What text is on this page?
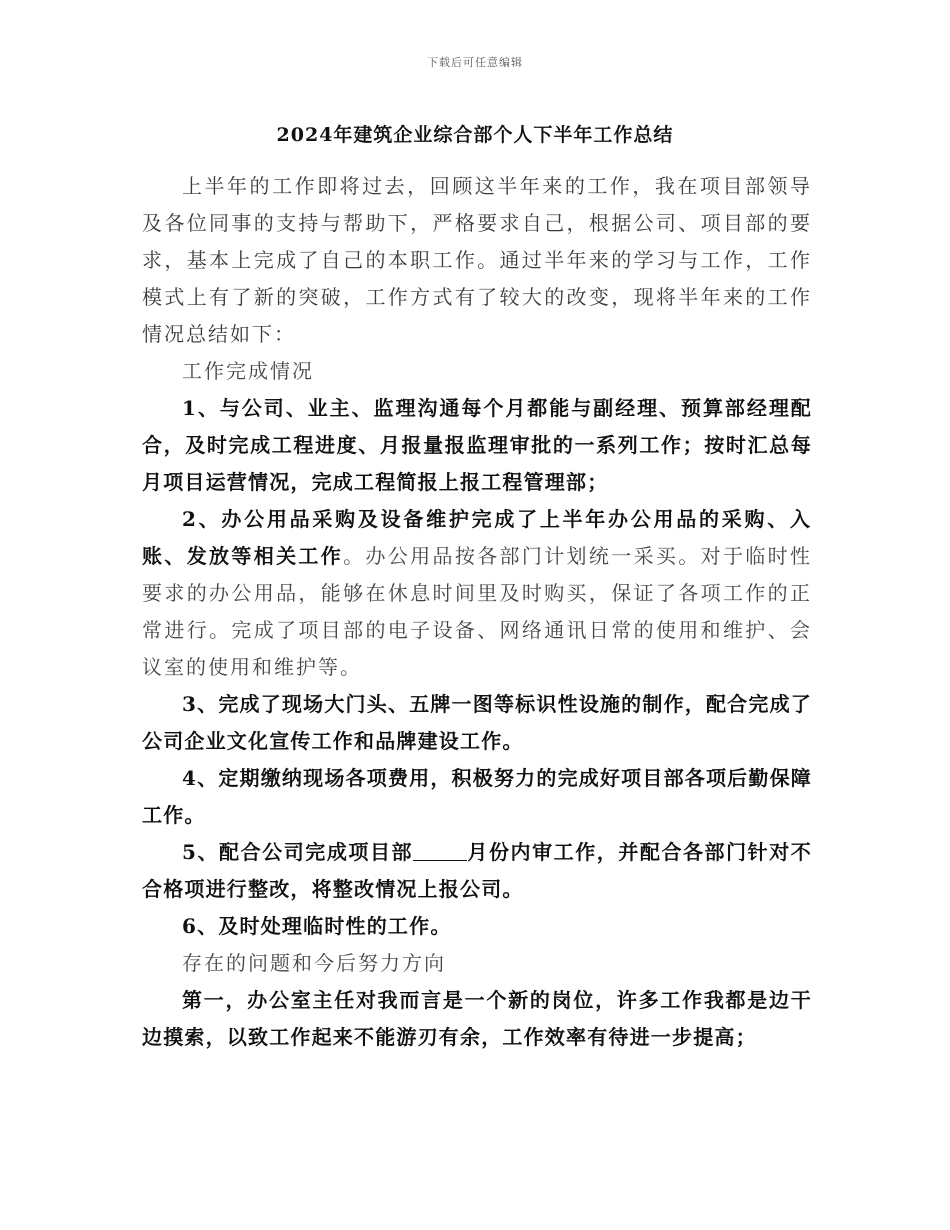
下载后可任意编辑
2024年建筑企业综合部个人下半年工作总结

上半年的工作即将过去，回顾这半年来的工作，我在项目部领导及各位同事的支持与帮助下，严格要求自己，根据公司、项目部的要求，基本上完成了自己的本职工作。通过半年来的学习与工作，工作模式上有了新的突破，工作方式有了较大的改变，现将半年来的工作情况总结如下：

工作完成情况

1、与公司、业主、监理沟通每个月都能与副经理、预算部经理配合，及时完成工程进度、月报量报监理审批的一系列工作；按时汇总每月项目运营情况，完成工程简报上报工程管理部；

2、办公用品采购及设备维护完成了上半年办公用品的采购、入账、发放等相关工作。办公用品按各部门计划统一采买。对于临时性要求的办公用品，能够在休息时间里及时购买，保证了各项工作的正常进行。完成了项目部的电子设备、网络通讯日常的使用和维护、会议室的使用和维护等。

3、完成了现场大门头、五牌一图等标识性设施的制作，配合完成了公司企业文化宣传工作和品牌建设工作。

4、定期缴纳现场各项费用，积极努力的完成好项目部各项后勤保障工作。

5、配合公司完成项目部	月份内审工作，并配合各部门针对不合格项进行整改，将整改情况上报公司。

6、及时处理临时性的工作。

存在的问题和今后努力方向

第一，办公室主任对我而言是一个新的岗位，许多工作我都是边干边摸索，以致工作起来不能游刃有余，工作效率有待进一步提高；
